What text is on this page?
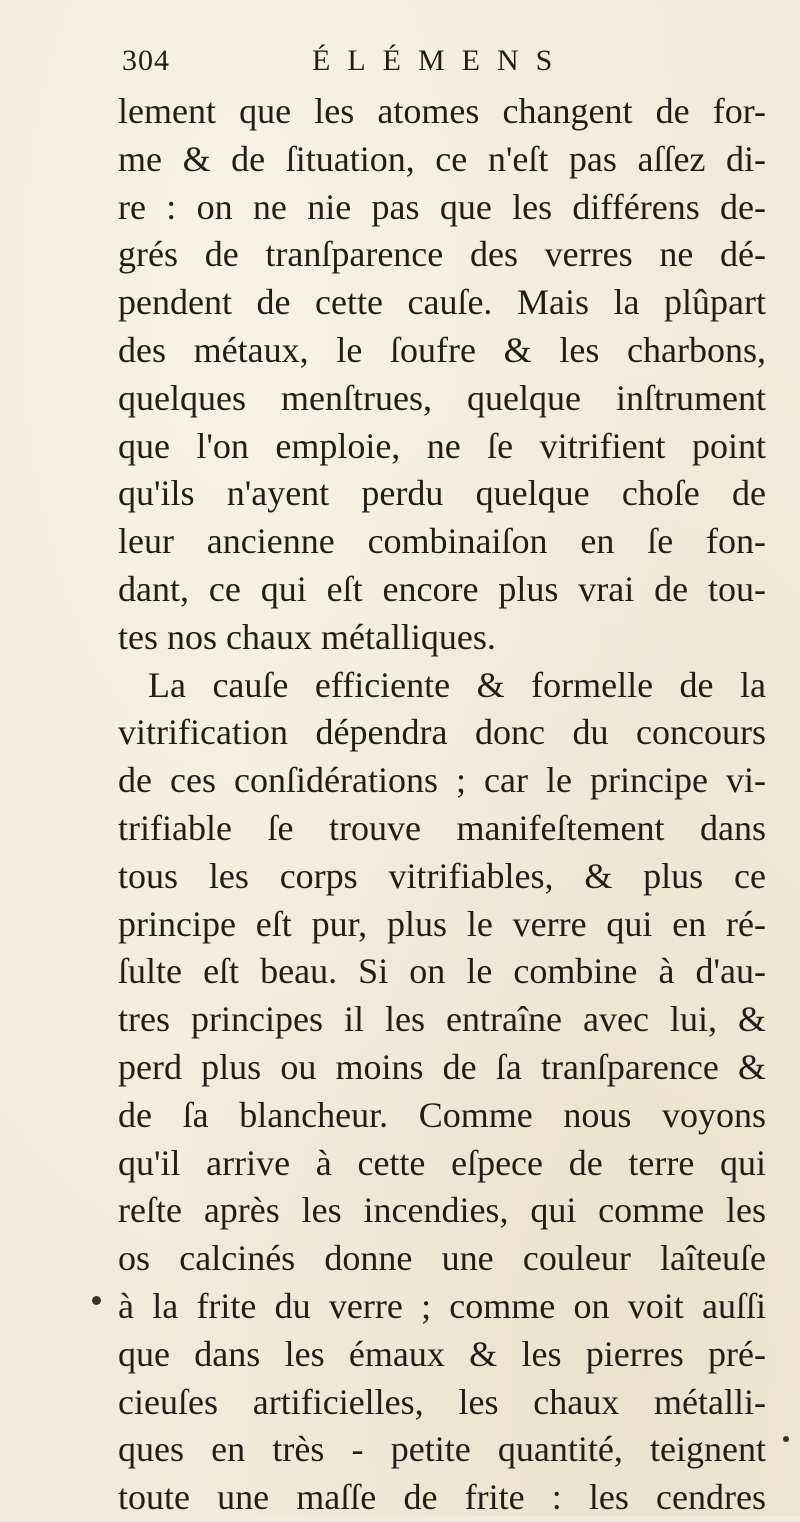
304	ÉLÉMENS
lement que les atomes changent de for-
me & de ſituation, ce n'eſt pas aſſez di-
re : on ne nie pas que les différens de-
grés de tranſparence des verres ne dé-
pendent de cette cauſe. Mais la plûpart
des métaux, le ſoufre & les charbons,
quelques menſtrues, quelque inſtrument
que l'on emploie, ne ſe vitrifient point
qu'ils n'ayent perdu quelque choſe de
leur ancienne combinaiſon en ſe fon-
dant, ce qui eſt encore plus vrai de tou-
tes nos chaux métalliques.
La cauſe efficiente & formelle de la
vitrification dépendra donc du concours
de ces conſidérations ; car le principe vi-
trifiable ſe trouve manifeſtement dans
tous les corps vitrifiables, & plus ce
principe eſt pur, plus le verre qui en ré-
ſulte eſt beau. Si on le combine à d'au-
tres principes il les entraîne avec lui, &
perd plus ou moins de ſa tranſparence &
de ſa blancheur. Comme nous voyons
qu'il arrive à cette eſpece de terre qui
reſte après les incendies, qui comme les
os calcinés donne une couleur laîteuſe
à la frite du verre ; comme on voit auſſi
que dans les émaux & les pierres pré-
cieuſes artificielles, les chaux métalli-
ques en très - petite quantité, teignent
toute une maſſe de frite : les cendres
